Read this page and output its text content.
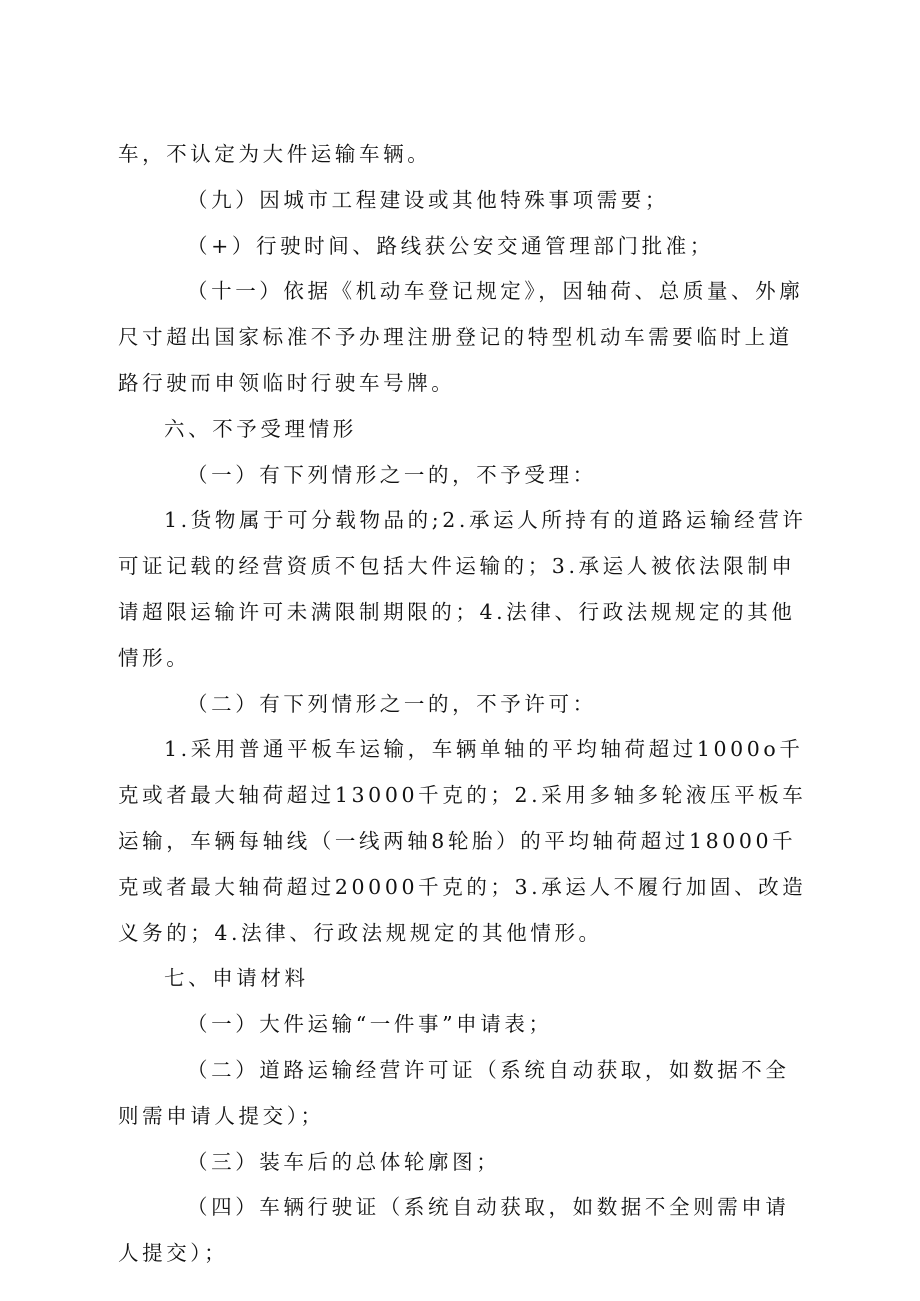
车，不认定为大件运输车辆。

（九）因城市工程建设或其他特殊事项需要；

（+）行驶时间、路线获公安交通管理部门批准；

（十一）依据《机动车登记规定》，因轴荷、总质量、外廓尺寸超出国家标准不予办理注册登记的特型机动车需要临时上道路行驶而申领临时行驶车号牌。

六、不予受理情形

（一）有下列情形之一的，不予受理：

1.货物属于可分载物品的;2.承运人所持有的道路运输经营许可证记载的经营资质不包括大件运输的；3.承运人被依法限制申请超限运输许可未满限制期限的；4.法律、行政法规规定的其他情形。

（二）有下列情形之一的，不予许可：

1.采用普通平板车运输，车辆单轴的平均轴荷超过1000o千克或者最大轴荷超过13000千克的；2.采用多轴多轮液压平板车运输，车辆每轴线（一线两轴8轮胎）的平均轴荷超过18000千克或者最大轴荷超过20000千克的；3.承运人不履行加固、改造义务的；4.法律、行政法规规定的其他情形。

七、申请材料

（一）大件运输“一件事”申请表；

（二）道路运输经营许可证（系统自动获取，如数据不全则需申请人提交）；

（三）装车后的总体轮廓图；

（四）车辆行驶证（系统自动获取，如数据不全则需申请人提交）；
